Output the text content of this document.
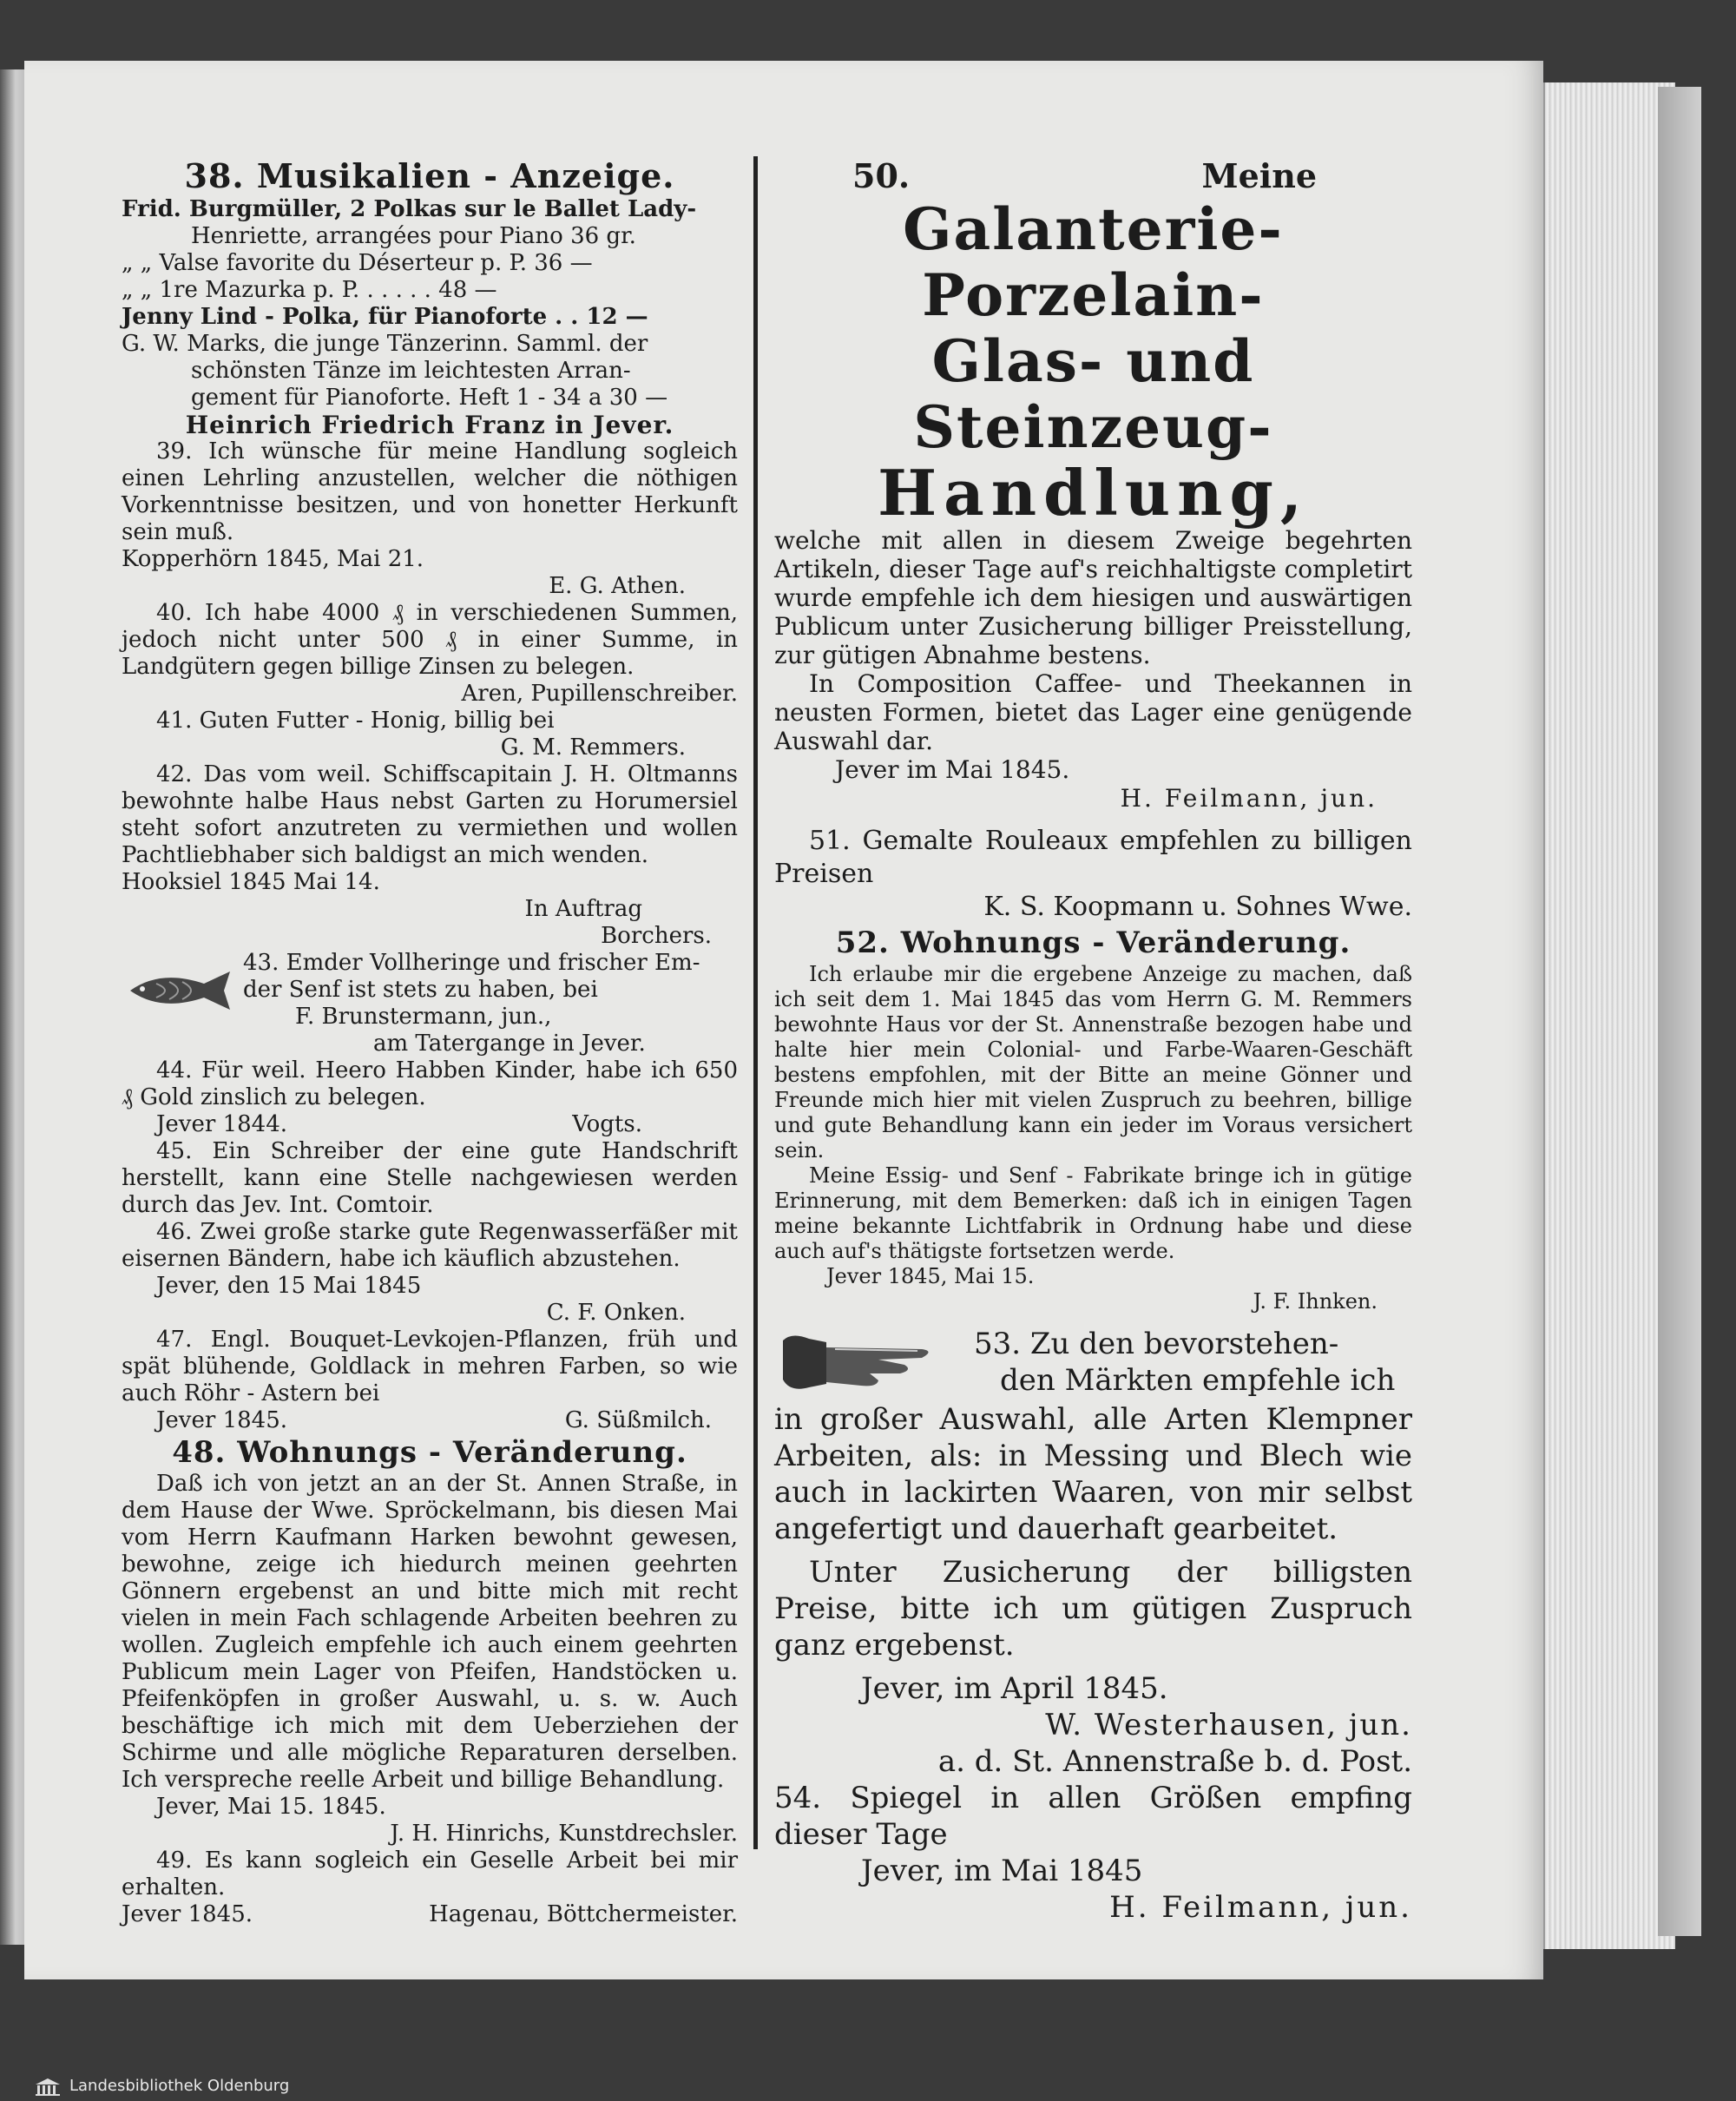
38. Musikalien - Anzeige.

Frid. Burgmüller, 2 Polkas sur le Ballet Lady-

Henriette, arrangées pour Piano 36 gr.

„ „ Valse favorite du Déserteur p. P. 36 —

„ „ 1re Mazurka p. P. . . . . . 48 —

Jenny Lind - Polka, für Pianoforte . . 12 —

G. W. Marks, die junge Tänzerinn. Samml. der

schönsten Tänze im leichtesten Arran-

gement für Pianoforte. Heft 1 - 34 a 30 —

Heinrich Friedrich Franz in Jever.

39. Ich wünsche für meine Handlung sogleich einen Lehrling anzustellen, welcher die nöthigen Vorkenntnisse besitzen, und von honetter Herkunft sein muß.

Kopperhörn 1845, Mai 21.

E. G. Athen.

40. Ich habe 4000 ₰ in verschiedenen Summen, jedoch nicht unter 500 ₰ in einer Summe, in Landgütern gegen billige Zinsen zu belegen.

Aren, Pupillenschreiber.

41. Guten Futter - Honig, billig bei

G. M. Remmers.

42. Das vom weil. Schiffscapitain J. H. Oltmanns bewohnte halbe Haus nebst Garten zu Horumersiel steht sofort anzutreten zu vermiethen und wollen Pachtliebhaber sich baldigst an mich wenden.

Hooksiel 1845 Mai 14.

In Auftrag

Borchers.

43. Emder Vollheringe und frischer Em-

der Senf ist stets zu haben, bei

F. Brunstermann, jun.,

am Tatergange in Jever.

44. Für weil. Heero Habben Kinder, habe ich 650 ₰ Gold zinslich zu belegen.

Jever 1844.	Vogts.

45. Ein Schreiber der eine gute Handschrift herstellt, kann eine Stelle nachgewiesen werden durch das Jev. Int. Comtoir.

46. Zwei große starke gute Regenwasserfäßer mit eisernen Bändern, habe ich käuflich abzustehen.

Jever, den 15 Mai 1845

C. F. Onken.

47. Engl. Bouquet-Levkojen-Pflanzen, früh und spät blühende, Goldlack in mehren Farben, so wie auch Röhr - Astern bei

Jever 1845.	G. Süßmilch.

48. Wohnungs - Veränderung.

Daß ich von jetzt an an der St. Annen Straße, in dem Hause der Wwe. Spröckelmann, bis diesen Mai vom Herrn Kaufmann Harken bewohnt gewesen, bewohne, zeige ich hiedurch meinen geehrten Gönnern ergebenst an und bitte mich mit recht vielen in mein Fach schlagende Arbeiten beehren zu wollen. Zugleich empfehle ich auch einem geehrten Publicum mein Lager von Pfeifen, Handstöcken u. Pfeifenköpfen in großer Auswahl, u. s. w. Auch beschäftige ich mich mit dem Ueberziehen der Schirme und alle mögliche Reparaturen derselben. Ich verspreche reelle Arbeit und billige Behandlung.

Jever, Mai 15. 1845.

J. H. Hinrichs, Kunstdrechsler.

49. Es kann sogleich ein Geselle Arbeit bei mir erhalten.

Jever 1845.	Hagenau, Böttchermeister.
50.	Meine

Galanterie-Porzelain-

Glas- und Steinzeug-

Handlung,

welche mit allen in diesem Zweige begehrten Artikeln, dieser Tage auf's reichhaltigste completirt wurde empfehle ich dem hiesigen und auswärtigen Publicum unter Zusicherung billiger Preisstellung, zur gütigen Abnahme bestens.

In Composition Caffee- und Theekannen in neusten Formen, bietet das Lager eine genügende Auswahl dar.

Jever im Mai 1845.

H. Feilmann, jun.

51. Gemalte Rouleaux empfehlen zu billigen Preisen

K. S. Koopmann u. Sohnes Wwe.

52. Wohnungs - Veränderung.

Ich erlaube mir die ergebene Anzeige zu machen, daß ich seit dem 1. Mai 1845 das vom Herrn G. M. Remmers bewohnte Haus vor der St. Annenstraße bezogen habe und halte hier mein Colonial- und Farbe-Waaren-Geschäft bestens empfohlen, mit der Bitte an meine Gönner und Freunde mich hier mit vielen Zuspruch zu beehren, billige und gute Behandlung kann ein jeder im Voraus versichert sein.

Meine Essig- und Senf - Fabrikate bringe ich in gütige Erinnerung, mit dem Bemerken: daß ich in einigen Tagen meine bekannte Lichtfabrik in Ordnung habe und diese auch auf's thätigste fortsetzen werde.

Jever 1845, Mai 15.

J. F. Ihnken.

53. Zu den bevorstehen-

den Märkten empfehle ich

in großer Auswahl, alle Arten Klempner Arbeiten, als: in Messing und Blech wie auch in lackirten Waaren, von mir selbst angefertigt und dauerhaft gearbeitet.

Unter Zusicherung der billigsten Preise, bitte ich um gütigen Zuspruch ganz ergebenst.

Jever, im April 1845.

W. Westerhausen, jun.

a. d. St. Annenstraße b. d. Post.

54. Spiegel in allen Größen empfing dieser Tage

Jever, im Mai 1845

H. Feilmann, jun.

Landesbibliothek Oldenburg
